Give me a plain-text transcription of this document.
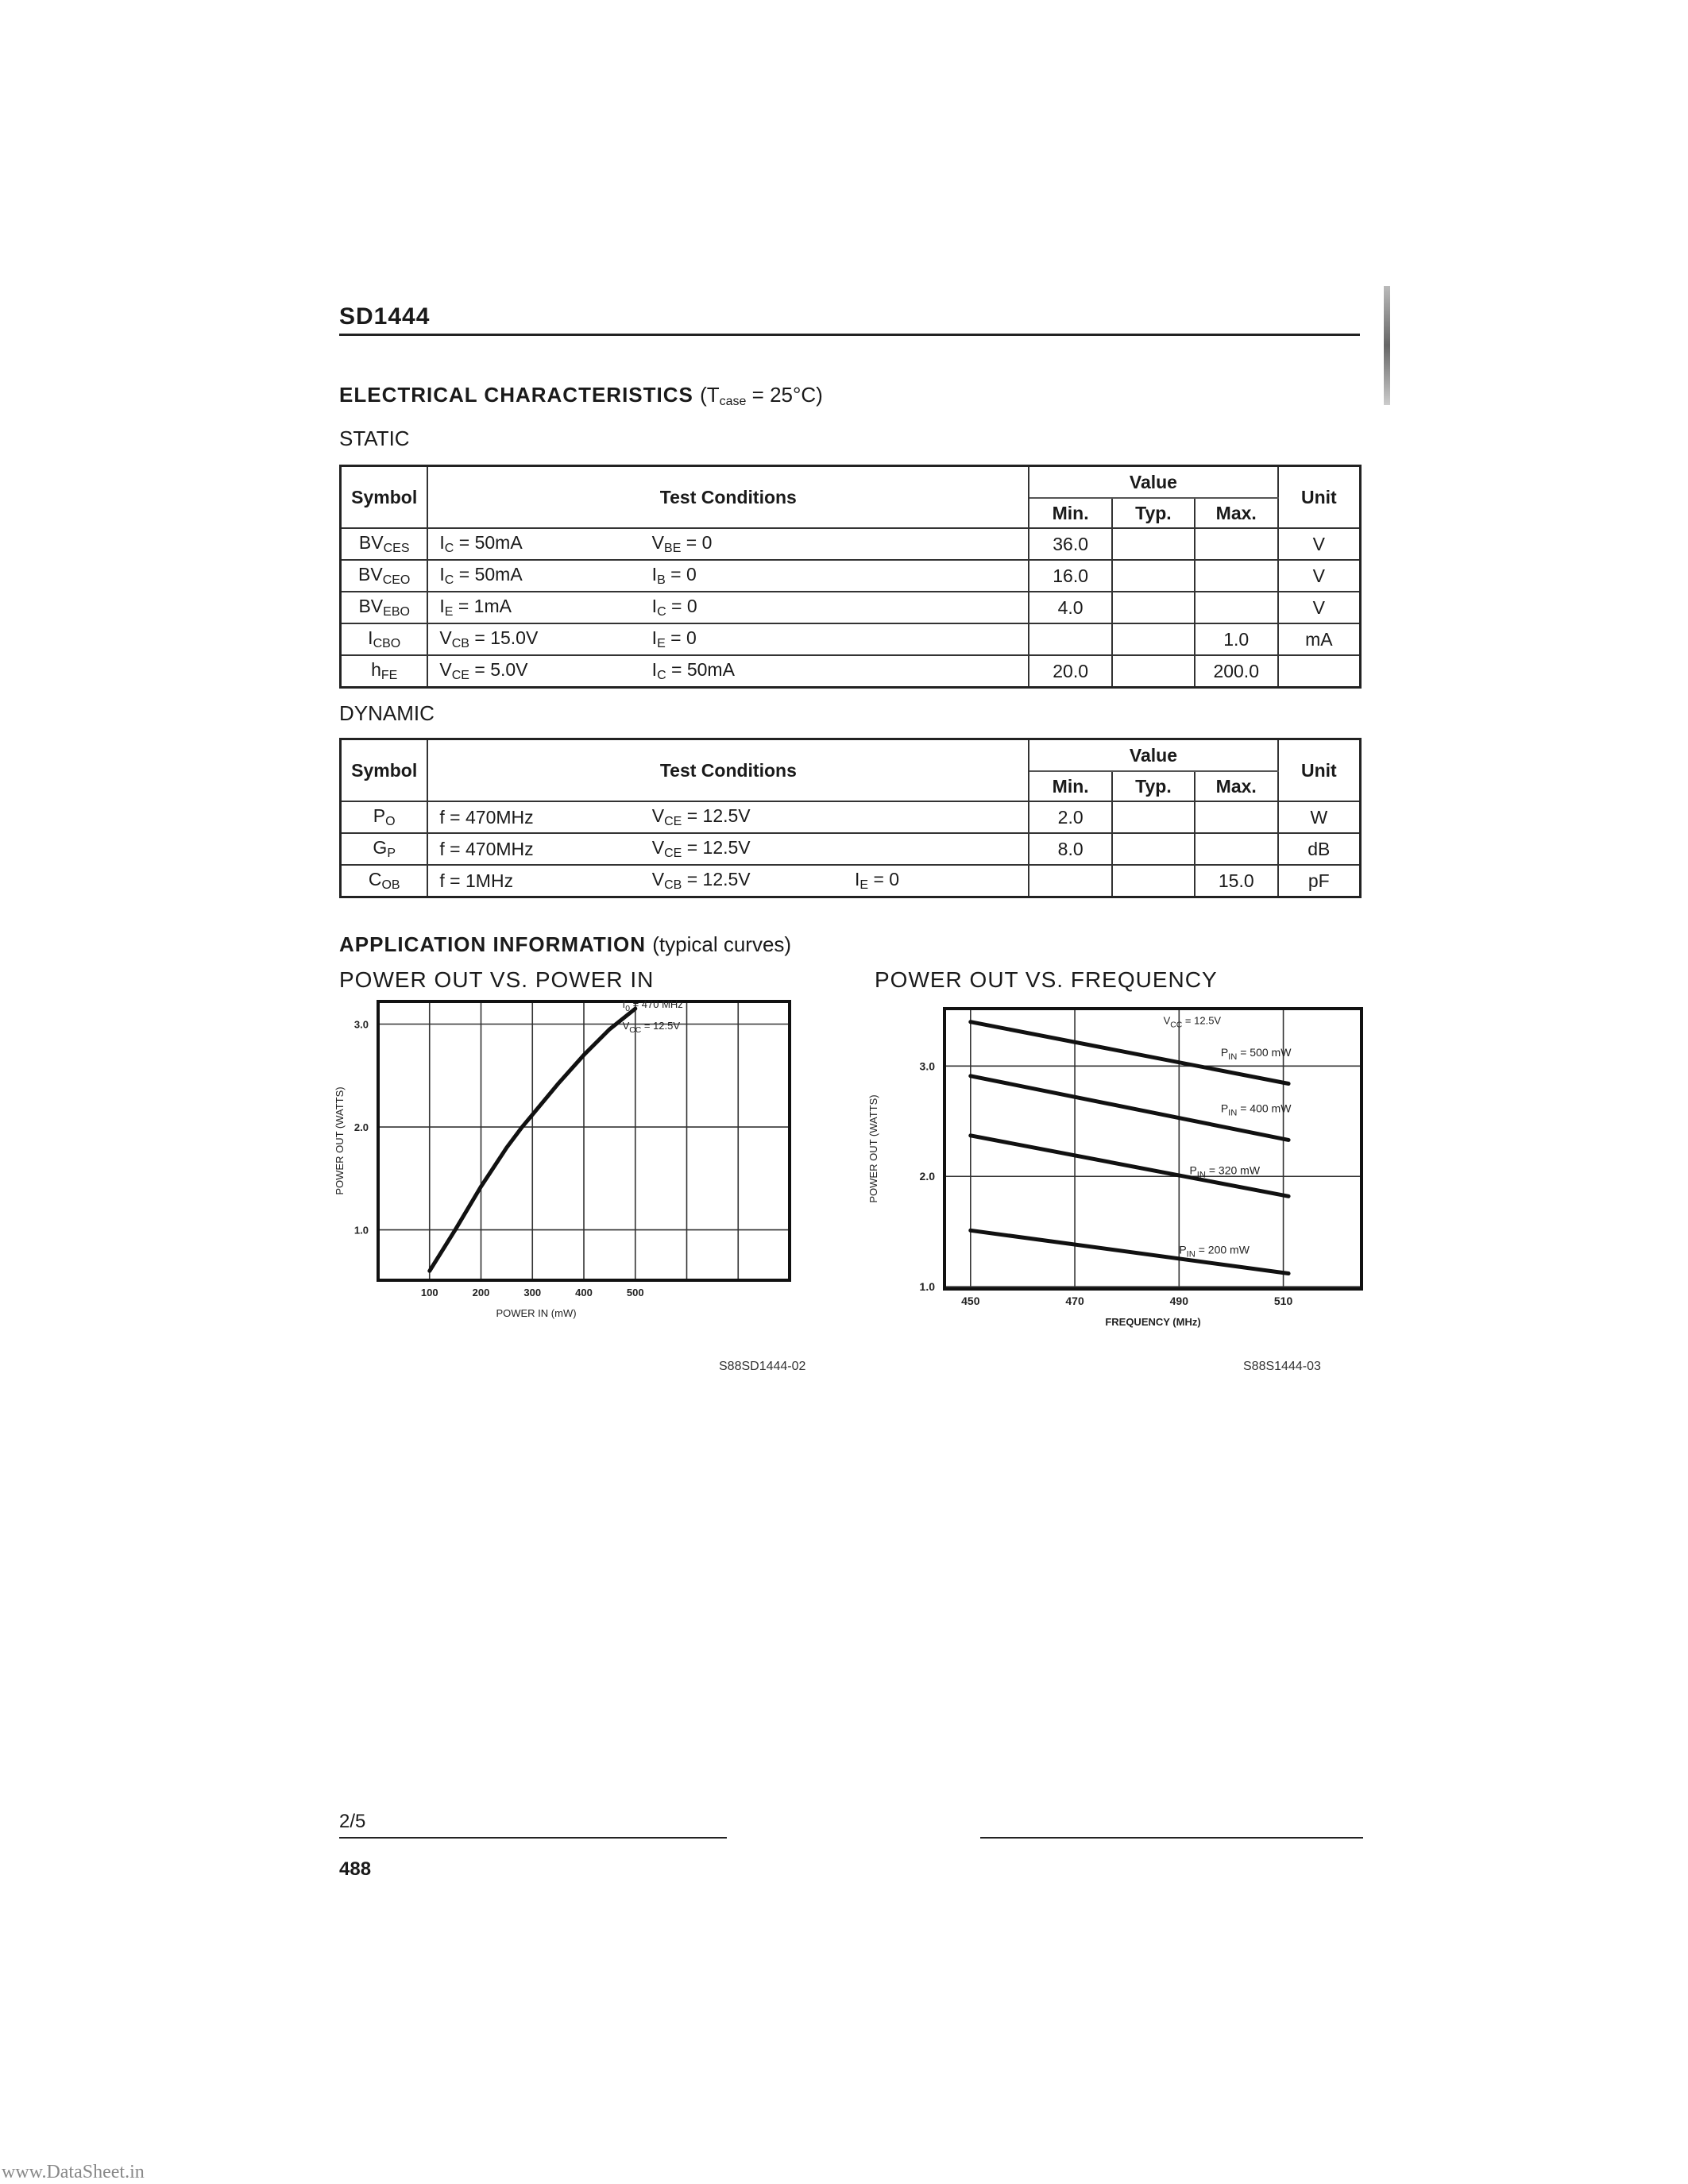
SD1444
ELECTRICAL CHARACTERISTICS $(T_{case} = 25^\circ C)$
STATIC
Symbol	Test Conditions			Value			Unit
				Min.	Typ.	Max.	
$BV_{CES}$	$I_C = 50mA$	$V_{BE} = 0$		36.0			V
$BV_{CEO}$	$I_C = 50mA$	$I_B = 0$		16.0			V
$BV_{EBO}$	$I_E = 1mA$	$I_C = 0$		4.0			V
$I_{CBO}$	$V_{CB} = 15.0V$	$I_E = 0$				1.0	mA
$h_{FE}$	$V_{CE} = 5.0V$	$I_C = 50mA$		20.0		200.0	
DYNAMIC
Symbol	Test Conditions			Value			Unit
				Min.	Typ.	Max.	
$P_O$	f = 470MHz	$V_{CE} = 12.5V$		2.0			W
$G_P$	f = 470MHz	$V_{CE} = 12.5V$		8.0			dB
$C_{OB}$	f = 1MHz	$V_{CB} = 12.5V$	$I_E = 0$			15.0	pF
APPLICATION INFORMATION (typical curves)
POWER OUT VS. POWER IN	POWER OUT VS. FREQUENCY
1.0
2.0
3.0
100	200	300	400	500
POWER IN (mW)
POWER OUT (WATTS)
$f_0 = 470$ MHz
$V_{CC} = 12.5V$
1.0
2.0
3.0
450	470	490	510
FREQUENCY (MHz)
POWER OUT (WATTS)
$P_{IN} = 500$ mW
$P_{IN} = 400$ mW
$P_{IN} = 320$ mW
$P_{IN} = 200$ mW
$V_{CC} = 12.5V$
S88SD1444-02	S88S1444-03
2/5
488
www.DataSheet.in
